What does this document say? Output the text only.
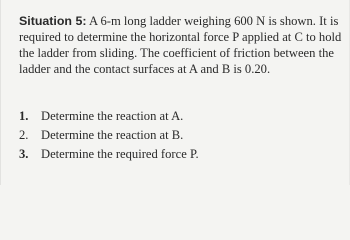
Situation 5: A 6-m long ladder weighing 600 N is shown. It is required to determine the horizontal force P applied at C to hold the ladder from sliding. The coefficient of friction between the ladder and the contact surfaces at A and B is 0.20.

1. Determine the reaction at A.
2. Determine the reaction at B.
3. Determine the required force P.
